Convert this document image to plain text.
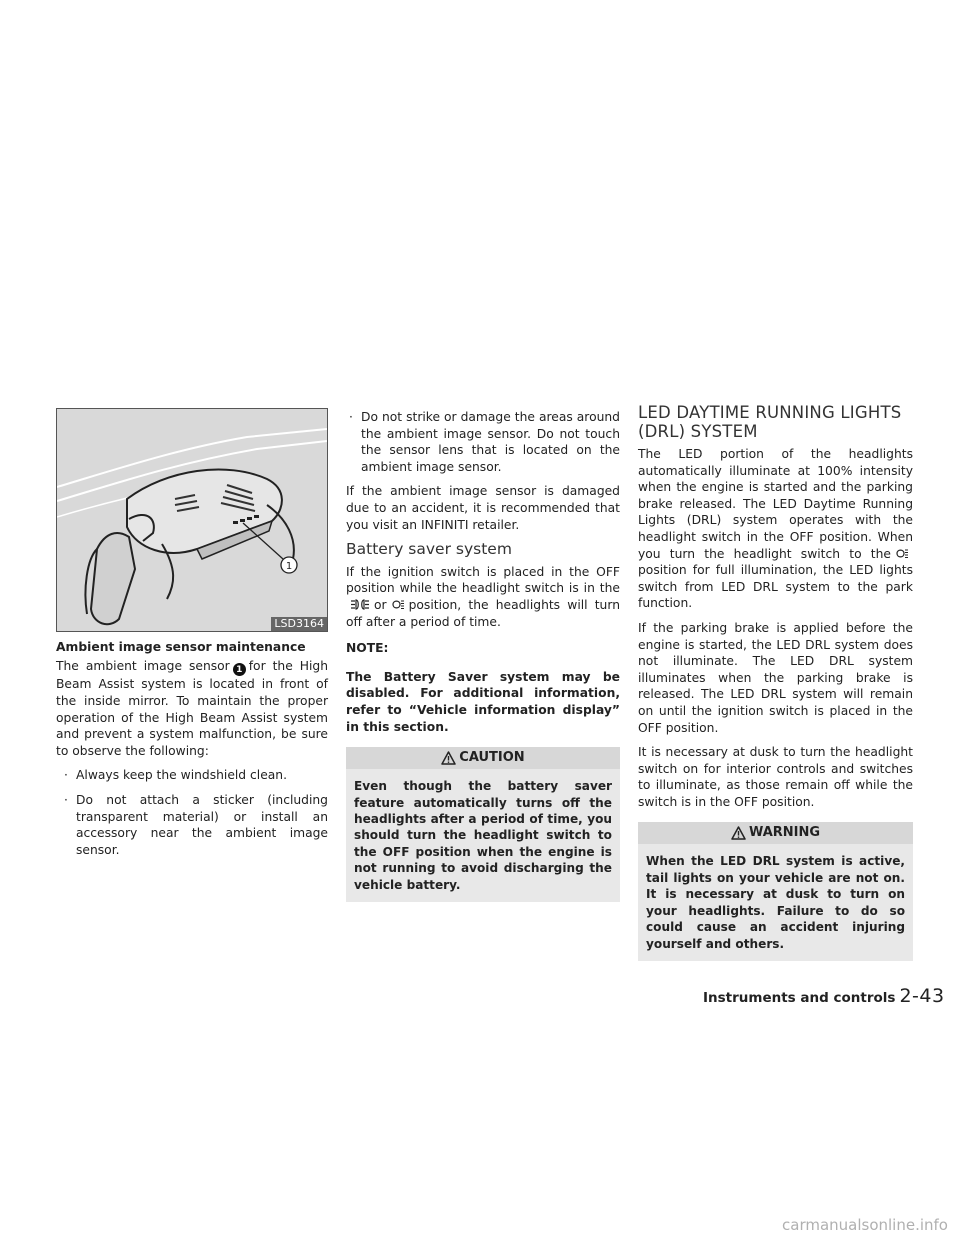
1
LSD3164
Ambient image sensor maintenance

The ambient image sensor 1 for the High Beam Assist system is located in front of the inside mirror. To maintain the proper operation of the High Beam Assist system and prevent a system malfunction, be sure to observe the following:

· Always keep the windshield clean.
· Do not attach a sticker (including transparent material) or install an accessory near the ambient image sensor.
· Do not strike or damage the areas around the ambient image sensor. Do not touch the sensor lens that is located on the ambient image sensor.

If the ambient image sensor is damaged due to an accident, it is recommended that you visit an INFINITI retailer.

Battery saver system

If the ignition switch is placed in the OFF position while the headlight switch is in theor position, the headlights will turn off after a period of time.

NOTE:

The Battery Saver system may be disabled. For additional information, refer to “Vehicle information display” in this section.

CAUTION
Even though the battery saver feature automatically turns off the headlights after a period of time, you should turn the headlight switch to the OFF position when the engine is not running to avoid discharging the vehicle battery.
LED DAYTIME RUNNING LIGHTS (DRL) SYSTEM

The LED portion of the headlights automatically illuminate at 100% intensity when the engine is started and the parking brake released. The LED Daytime Running Lights (DRL) system operates with the headlight switch in the OFF position. When you turn the headlight switch to theposition for full illumination, the LED lights switch from LED DRL system to the park function.

If the parking brake is applied before the engine is started, the LED DRL system does not illuminate. The LED DRL system illuminates when the parking brake is released. The LED DRL system will remain on until the ignition switch is placed in the OFF position.

It is necessary at dusk to turn the headlight switch on for interior controls and switches to illuminate, as those remain off while the switch is in the OFF position.

WARNING
When the LED DRL system is active, tail lights on your vehicle are not on. It is necessary at dusk to turn on your headlights. Failure to do so could cause an accident injuring yourself and others.
Instruments and controls 2-43
carmanualsonline.info
